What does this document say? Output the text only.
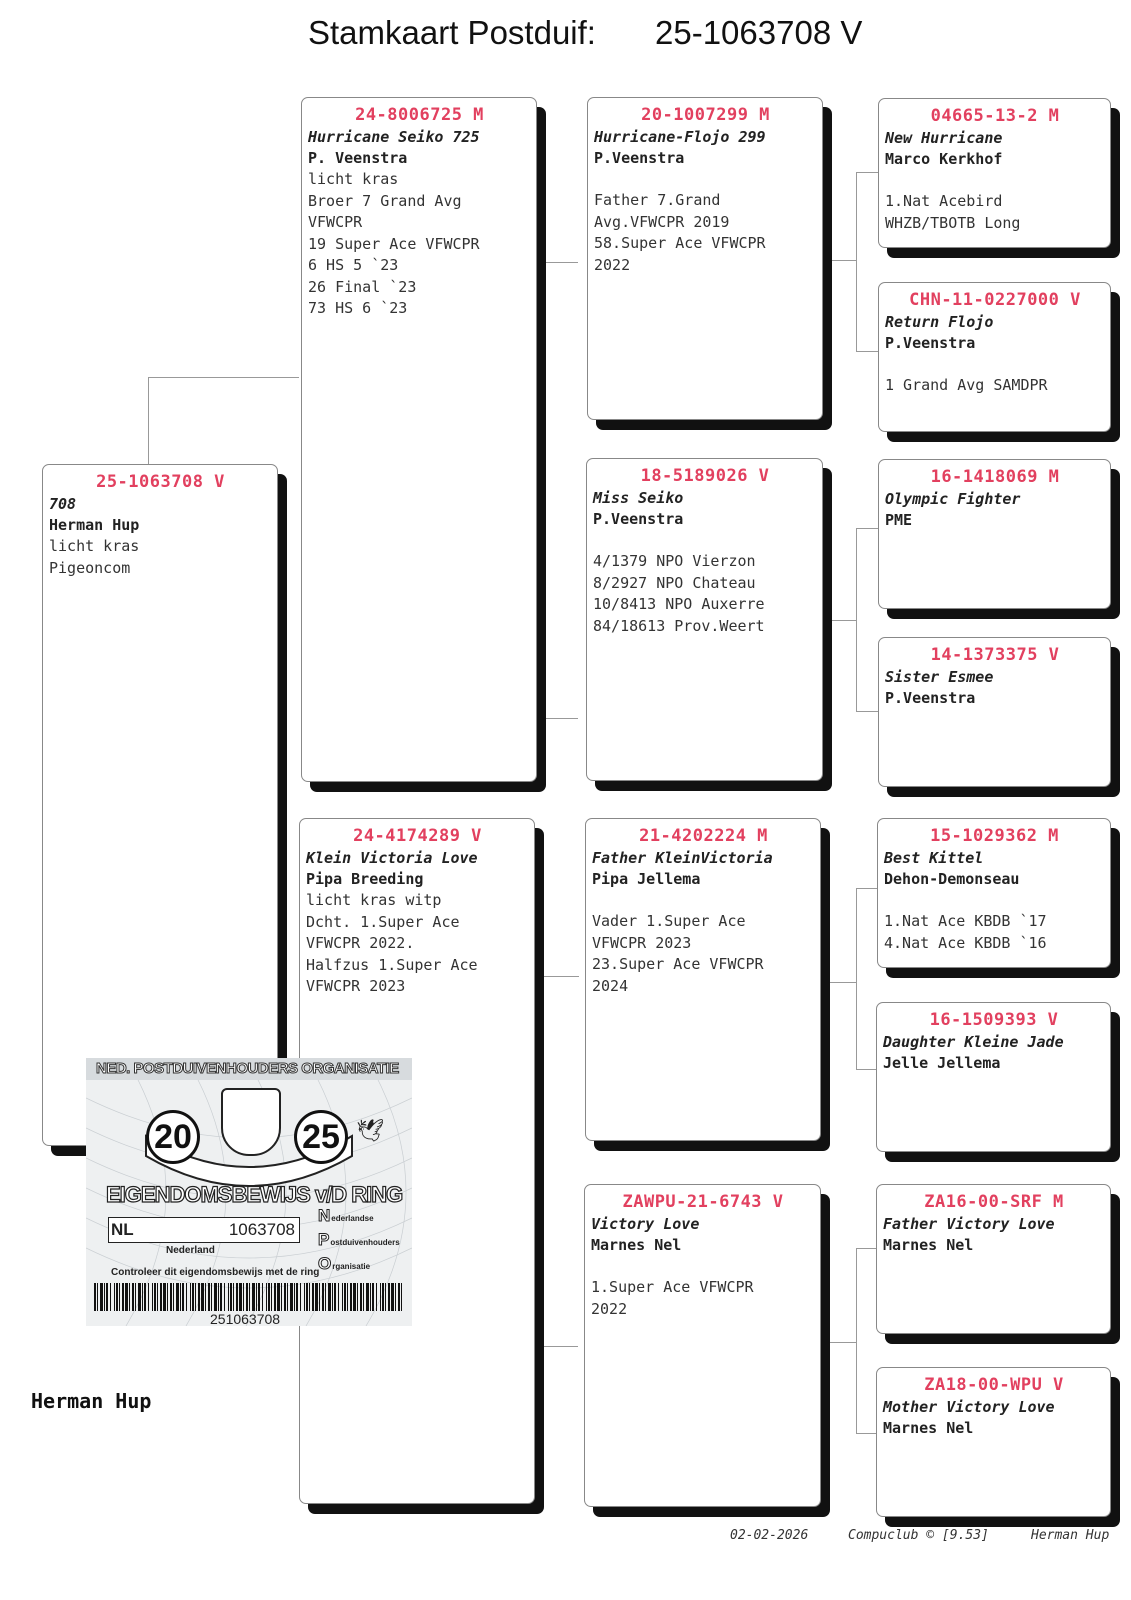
Stamkaart Postduif: 25-1063708 V
25-1063708 V
708
Herman Hup
licht kras
Pigeoncom
24-8006725 M
Hurricane Seiko 725
P. Veenstra
licht kras
Broer 7 Grand Avg
VFWCPR
19 Super Ace VFWCPR
6 HS 5 `23
26 Final `23
73 HS 6 `23
24-4174289 V
Klein Victoria Love
Pipa Breeding
licht kras witp
Dcht. 1.Super Ace
VFWCPR 2022.
Halfzus 1.Super Ace
VFWCPR 2023
20-1007299 M
Hurricane-Flojo 299
P.Veenstra
Father 7.Grand
Avg.VFWCPR 2019
58.Super Ace VFWCPR
2022
18-5189026 V
Miss Seiko
P.Veenstra
4/1379 NPO Vierzon
8/2927 NPO Chateau
10/8413 NPO Auxerre
84/18613 Prov.Weert
21-4202224 M
Father KleinVictoria
Pipa Jellema
Vader 1.Super Ace
VFWCPR 2023
23.Super Ace VFWCPR
2024
ZAWPU-21-6743 V
Victory Love
Marnes Nel
1.Super Ace VFWCPR
2022
04665-13-2 M
New Hurricane
Marco Kerkhof
1.Nat Acebird
WHZB/TBOTB Long
CHN-11-0227000 V
Return Flojo
P.Veenstra
1 Grand Avg SAMDPR
16-1418069 M
Olympic Fighter
PME
14-1373375 V
Sister Esmee
P.Veenstra
15-1029362 M
Best Kittel
Dehon-Demonseau
1.Nat Ace KBDB `17
4.Nat Ace KBDB `16
16-1509393 V
Daughter Kleine Jade
Jelle Jellema
ZA16-00-SRF M
Father Victory Love
Marnes Nel
ZA18-00-WPU V
Mother Victory Love
Marnes Nel
NED. POSTDUIVENHOUDERS ORGANISATIE
20	25 🕊
EIGENDOMSBEWIJS v/D RING
NL	1063708
Nederland
Nederlandse
Postduivenhouders
Organisatie
Controleer dit eigendomsbewijs met de ring
251063708
Herman Hup
02-02-2026	Compuclub © [9.53]	Herman Hup
